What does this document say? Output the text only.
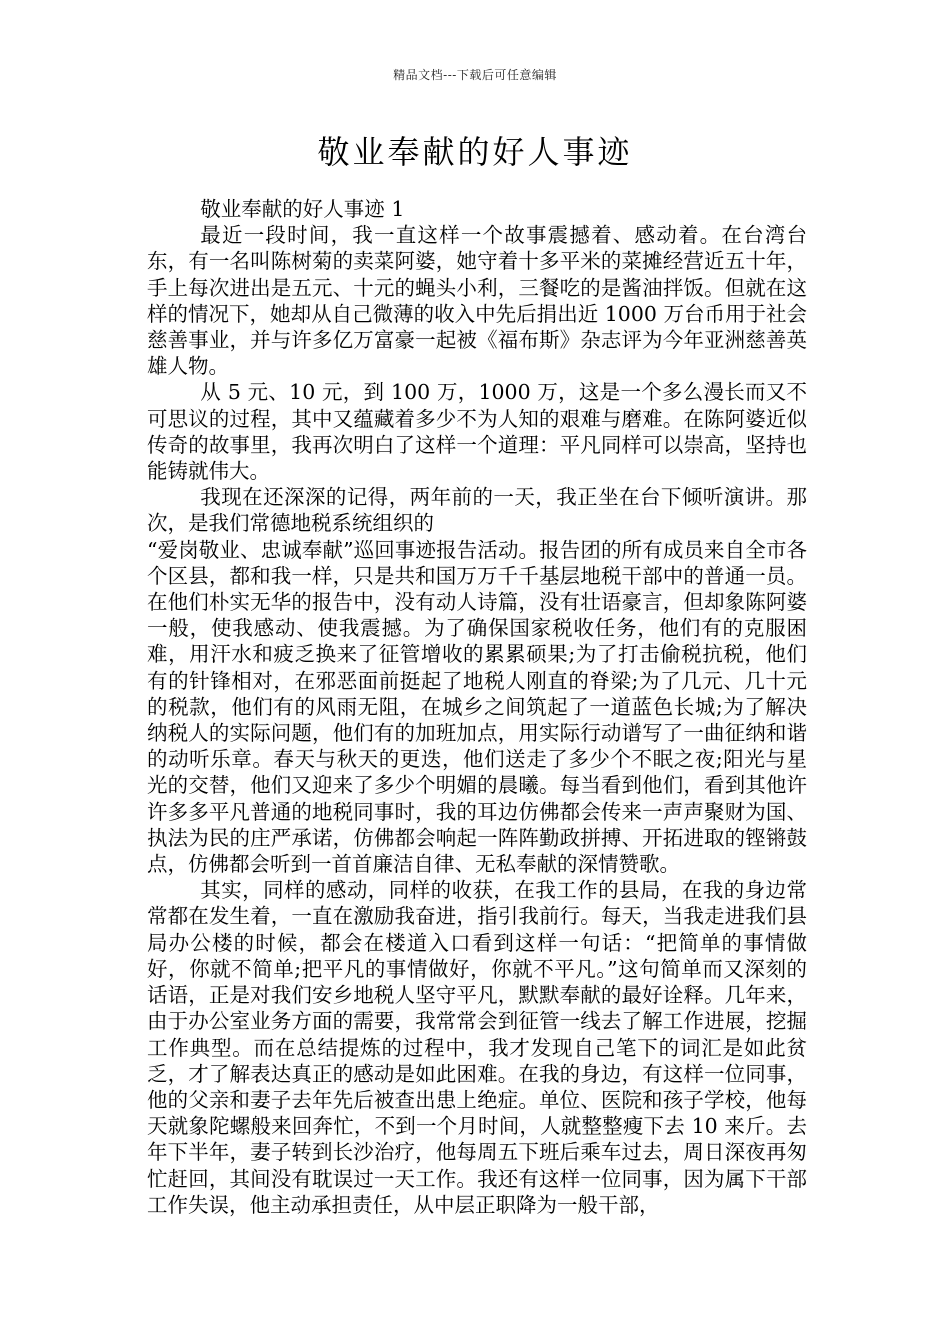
精品文档---下载后可任意编辑
敬业奉献的好人事迹

敬业奉献的好人事迹 1

最近一段时间，我一直这样一个故事震撼着、感动着。在台湾台东，有一名叫陈树菊的卖菜阿婆，她守着十多平米的菜摊经营近五十年，手上每次进出是五元、十元的蝇头小利，三餐吃的是酱油拌饭。但就在这样的情况下，她却从自己微薄的收入中先后捐出近 1000 万台币用于社会慈善事业，并与许多亿万富豪一起被《福布斯》杂志评为今年亚洲慈善英雄人物。

从 5 元、10 元，到 100 万，1000 万，这是一个多么漫长而又不可思议的过程，其中又蕴藏着多少不为人知的艰难与磨难。在陈阿婆近似传奇的故事里，我再次明白了这样一个道理：平凡同样可以崇高，坚持也能铸就伟大。

我现在还深深的记得，两年前的一天，我正坐在台下倾听演讲。那次，是我们常德地税系统组织的

“爱岗敬业、忠诚奉献”巡回事迹报告活动。报告团的所有成员来自全市各个区县，都和我一样，只是共和国万万千千基层地税干部中的普通一员。在他们朴实无华的报告中，没有动人诗篇，没有壮语豪言，但却象陈阿婆一般，使我感动、使我震撼。为了确保国家税收任务，他们有的克服困难，用汗水和疲乏换来了征管增收的累累硕果;为了打击偷税抗税，他们有的针锋相对，在邪恶面前挺起了地税人刚直的脊梁;为了几元、几十元的税款，他们有的风雨无阻，在城乡之间筑起了一道蓝色长城;为了解决纳税人的实际问题，他们有的加班加点，用实际行动谱写了一曲征纳和谐的动听乐章。春天与秋天的更迭，他们送走了多少个不眠之夜;阳光与星光的交替，他们又迎来了多少个明媚的晨曦。每当看到他们，看到其他许许多多平凡普通的地税同事时，我的耳边仿佛都会传来一声声聚财为国、执法为民的庄严承诺，仿佛都会响起一阵阵勤政拼搏、开拓进取的铿锵鼓点，仿佛都会听到一首首廉洁自律、无私奉献的深情赞歌。

其实，同样的感动，同样的收获，在我工作的县局，在我的身边常常都在发生着，一直在激励我奋进，指引我前行。每天，当我走进我们县局办公楼的时候，都会在楼道入口看到这样一句话：“把简单的事情做好，你就不简单;把平凡的事情做好，你就不平凡。”这句简单而又深刻的话语，正是对我们安乡地税人坚守平凡，默默奉献的最好诠释。几年来，由于办公室业务方面的需要，我常常会到征管一线去了解工作进展，挖掘工作典型。而在总结提炼的过程中，我才发现自己笔下的词汇是如此贫乏，才了解表达真正的感动是如此困难。在我的身边，有这样一位同事，他的父亲和妻子去年先后被查出患上绝症。单位、医院和孩子学校，他每天就象陀螺般来回奔忙，不到一个月时间，人就整整瘦下去 10 来斤。去年下半年，妻子转到长沙治疗，他每周五下班后乘车过去，周日深夜再匆忙赶回，其间没有耽误过一天工作。我还有这样一位同事，因为属下干部工作失误，他主动承担责任，从中层正职降为一般干部，
